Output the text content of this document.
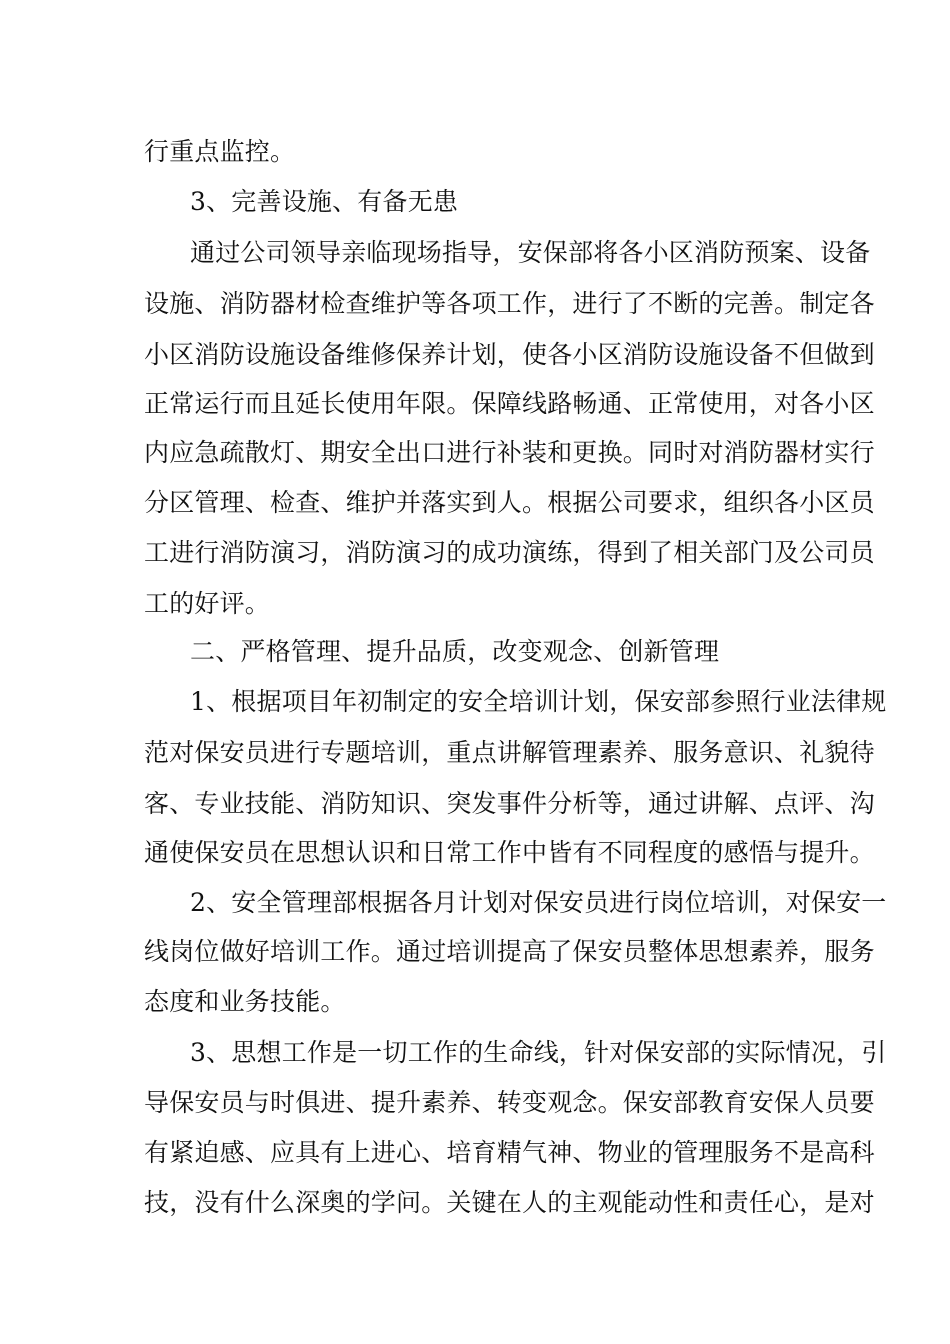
行重点监控。
3、完善设施、有备无患
通过公司领导亲临现场指导，安保部将各小区消防预案、设备
设施、消防器材检查维护等各项工作，进行了不断的完善。制定各
小区消防设施设备维修保养计划，使各小区消防设施设备不但做到
正常运行而且延长使用年限。保障线路畅通、正常使用，对各小区
内应急疏散灯、期安全出口进行补装和更换。同时对消防器材实行
分区管理、检查、维护并落实到人。根据公司要求，组织各小区员
工进行消防演习，消防演习的成功演练，得到了相关部门及公司员
工的好评。
二、严格管理、提升品质，改变观念、创新管理
1、根据项目年初制定的安全培训计划，保安部参照行业法律规
范对保安员进行专题培训，重点讲解管理素养、服务意识、礼貌待
客、专业技能、消防知识、突发事件分析等，通过讲解、点评、沟
通使保安员在思想认识和日常工作中皆有不同程度的感悟与提升。
2、安全管理部根据各月计划对保安员进行岗位培训，对保安一
线岗位做好培训工作。通过培训提高了保安员整体思想素养，服务
态度和业务技能。
3、思想工作是一切工作的生命线，针对保安部的实际情况，引
导保安员与时俱进、提升素养、转变观念。保安部教育安保人员要
有紧迫感、应具有上进心、培育精气神、物业的管理服务不是高科
技，没有什么深奥的学问。关键在人的主观能动性和责任心，是对
